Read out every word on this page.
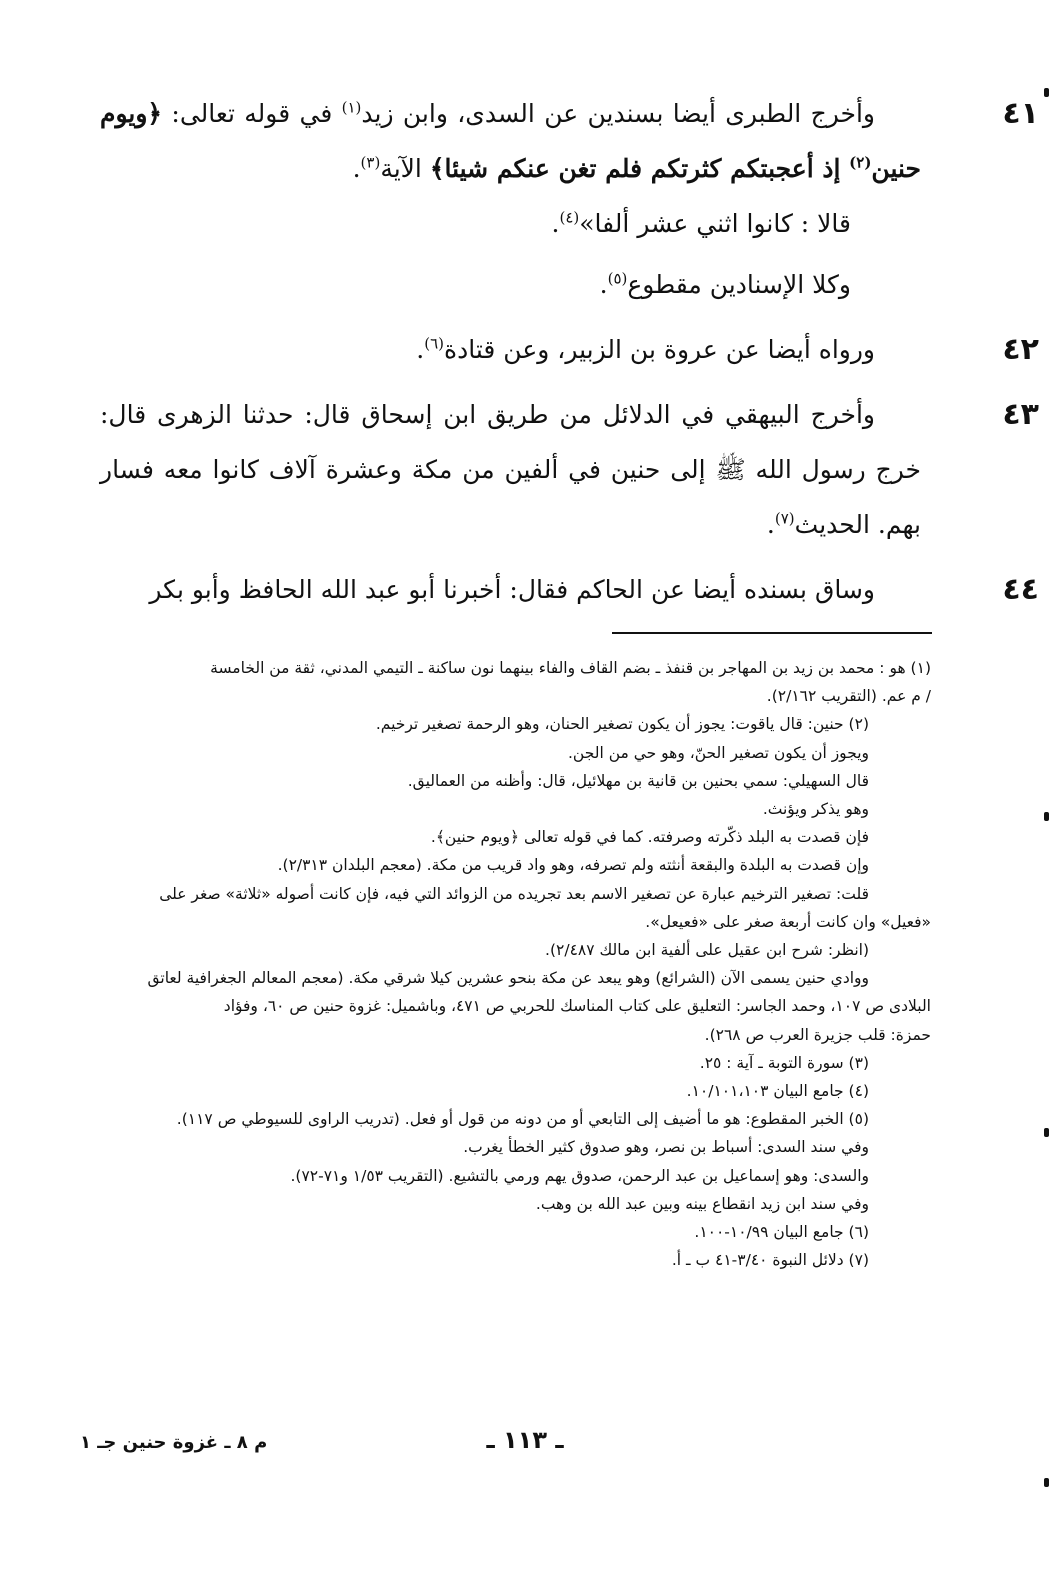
٤١
وأخرج الطبرى أيضا بسندين عن السدى، وابن زيد$^{(١)}$ في قوله تعالى: ﴿ويوم حنين$^{(٢)}$ إذ أعجبتكم كثرتكم فلم تغن عنكم شيئا﴾ الآية$^{(٣)}$.
قالا : كانوا اثني عشر ألفا»$^{(٤)}$.
وكلا الإسنادين مقطوع$^{(٥)}$.
٤٢
ورواه أيضا عن عروة بن الزبير، وعن قتادة$^{(٦)}$.
٤٣
وأخرج البيهقي في الدلائل من طريق ابن إسحاق قال: حدثنا الزهرى قال: خرج رسول الله ﷺ إلى حنين في ألفين من مكة وعشرة آلاف كانوا معه فسار بهم. الحديث$^{(٧)}$.
٤٤
وساق بسنده أيضا عن الحاكم فقال: أخبرنا أبو عبد الله الحافظ وأبو بكر
(١) هو : محمد بن زيد بن المهاجر بن قنفذ ـ بضم القاف والفاء بينهما نون ساكنة ـ التيمي المدني، ثقة من الخامسة
/ م عم. (التقريب ٢/١٦٢).
(٢) حنين: قال ياقوت: يجوز أن يكون تصغير الحنان، وهو الرحمة تصغير ترخيم.
ويجوز أن يكون تصغير الحنّ، وهو حي من الجن.
قال السهيلي: سمي بحنين بن قانية بن مهلائيل، قال: وأظنه من العماليق.
وهو يذكر ويؤنث.
فإن قصدت به البلد ذكّرته وصرفته. كما في قوله تعالى ﴿ويوم حنين﴾.
وإن قصدت به البلدة والبقعة أنثته ولم تصرفه، وهو واد قريب من مكة. (معجم البلدان ٢/٣١٣).
قلت: تصغير الترخيم عبارة عن تصغير الاسم بعد تجريده من الزوائد التي فيه، فإن كانت أصوله «ثلاثة» صغر على
«فعيل» وان كانت أربعة صغر على «فعيعل».
(انظر: شرح ابن عقيل على ألفية ابن مالك ٢/٤٨٧).
ووادي حنين يسمى الآن (الشرائع) وهو يبعد عن مكة بنحو عشرين كيلا شرقي مكة. (معجم المعالم الجغرافية لعاتق
البلادى ص ١٠٧، وحمد الجاسر: التعليق على كتاب المناسك للحربي ص ٤٧١، وباشميل: غزوة حنين ص ٦٠، وفؤاد
حمزة: قلب جزيرة العرب ص ٢٦٨).
(٣) سورة التوبة ـ آية : ٢٥.
(٤) جامع البيان ١٠/١٠١،١٠٣.
(٥) الخبر المقطوع: هو ما أضيف إلى التابعي أو من دونه من قول أو فعل. (تدريب الراوى للسيوطي ص ١١٧).
وفي سند السدى: أسباط بن نصر، وهو صدوق كثير الخطأ يغرب.
والسدى: وهو إسماعيل بن عبد الرحمن، صدوق يهم ورمي بالتشيع. (التقريب ١/٥٣ و٧١-٧٢).
وفي سند ابن زيد انقطاع بينه وبين عبد الله بن وهب.
(٦) جامع البيان ١٠/٩٩-١٠٠.
(٧) دلائل النبوة ٣/٤٠-٤١ ب ـ أ.
ـ ١١٣ ـ
م ٨ ـ غزوة حنين جـ ١
